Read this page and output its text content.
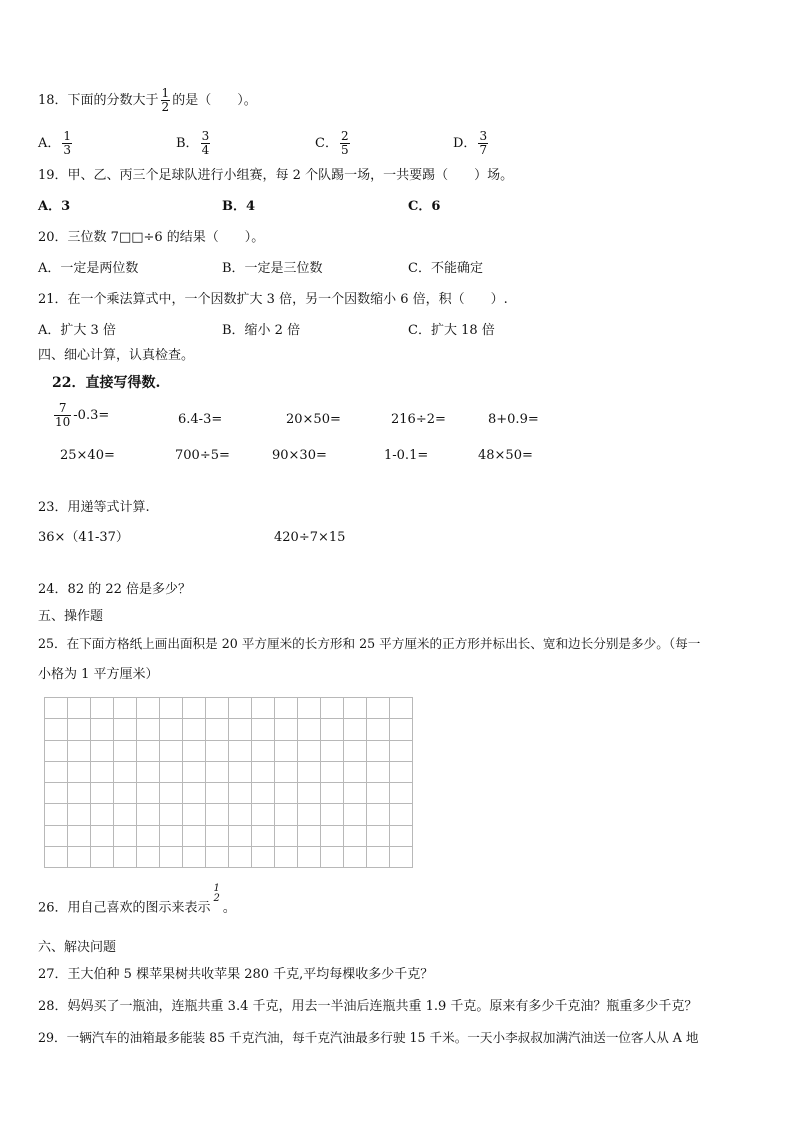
18．下面的分数大于 $\frac{1}{2}$ 的是（　　）。
A． $\frac{1}{3}$	B． $\frac{3}{4}$	C． $\frac{2}{5}$	D． $\frac{3}{7}$
19．甲、乙、丙三个足球队进行小组赛，每 2 个队踢一场，一共要踢（　　）场。
A．3	B．4	C．6
20．三位数 7□□÷6 的结果（　　）。
A．一定是两位数	B．一定是三位数	C．不能确定
21．在一个乘法算式中，一个因数扩大 3 倍，另一个因数缩小 6 倍，积（　　）.
A．扩大 3 倍	B．缩小 2 倍	C．扩大 18 倍
四、细心计算，认真检查。
22．直接写得数.
$\frac{7}{10} -0.3=$	6.4-3=	20×50=	216÷2=	8+0.9=
25×40=	700÷5=	90×30=	1-0.1=	48×50=
23．用递等式计算.
36×（41-37）	420÷7×15
24．82 的 22 倍是多少？
五、操作题
25．在下面方格纸上画出面积是 20 平方厘米的长方形和 25 平方厘米的正方形并标出长、宽和边长分别是多少。（每一
小格为 1 平方厘米）
26．用自己喜欢的图示来表示
1
2
。
六、解决问题
27．王大伯种 5 棵苹果树共收苹果 280 千克,平均每棵收多少千克？
28．妈妈买了一瓶油，连瓶共重 3.4 千克，用去一半油后连瓶共重 1.9 千克。原来有多少千克油？瓶重多少千克？
29．一辆汽车的油箱最多能装 85 千克汽油，每千克汽油最多行驶 15 千米。一天小李叔叔加满汽油送一位客人从 A 地
